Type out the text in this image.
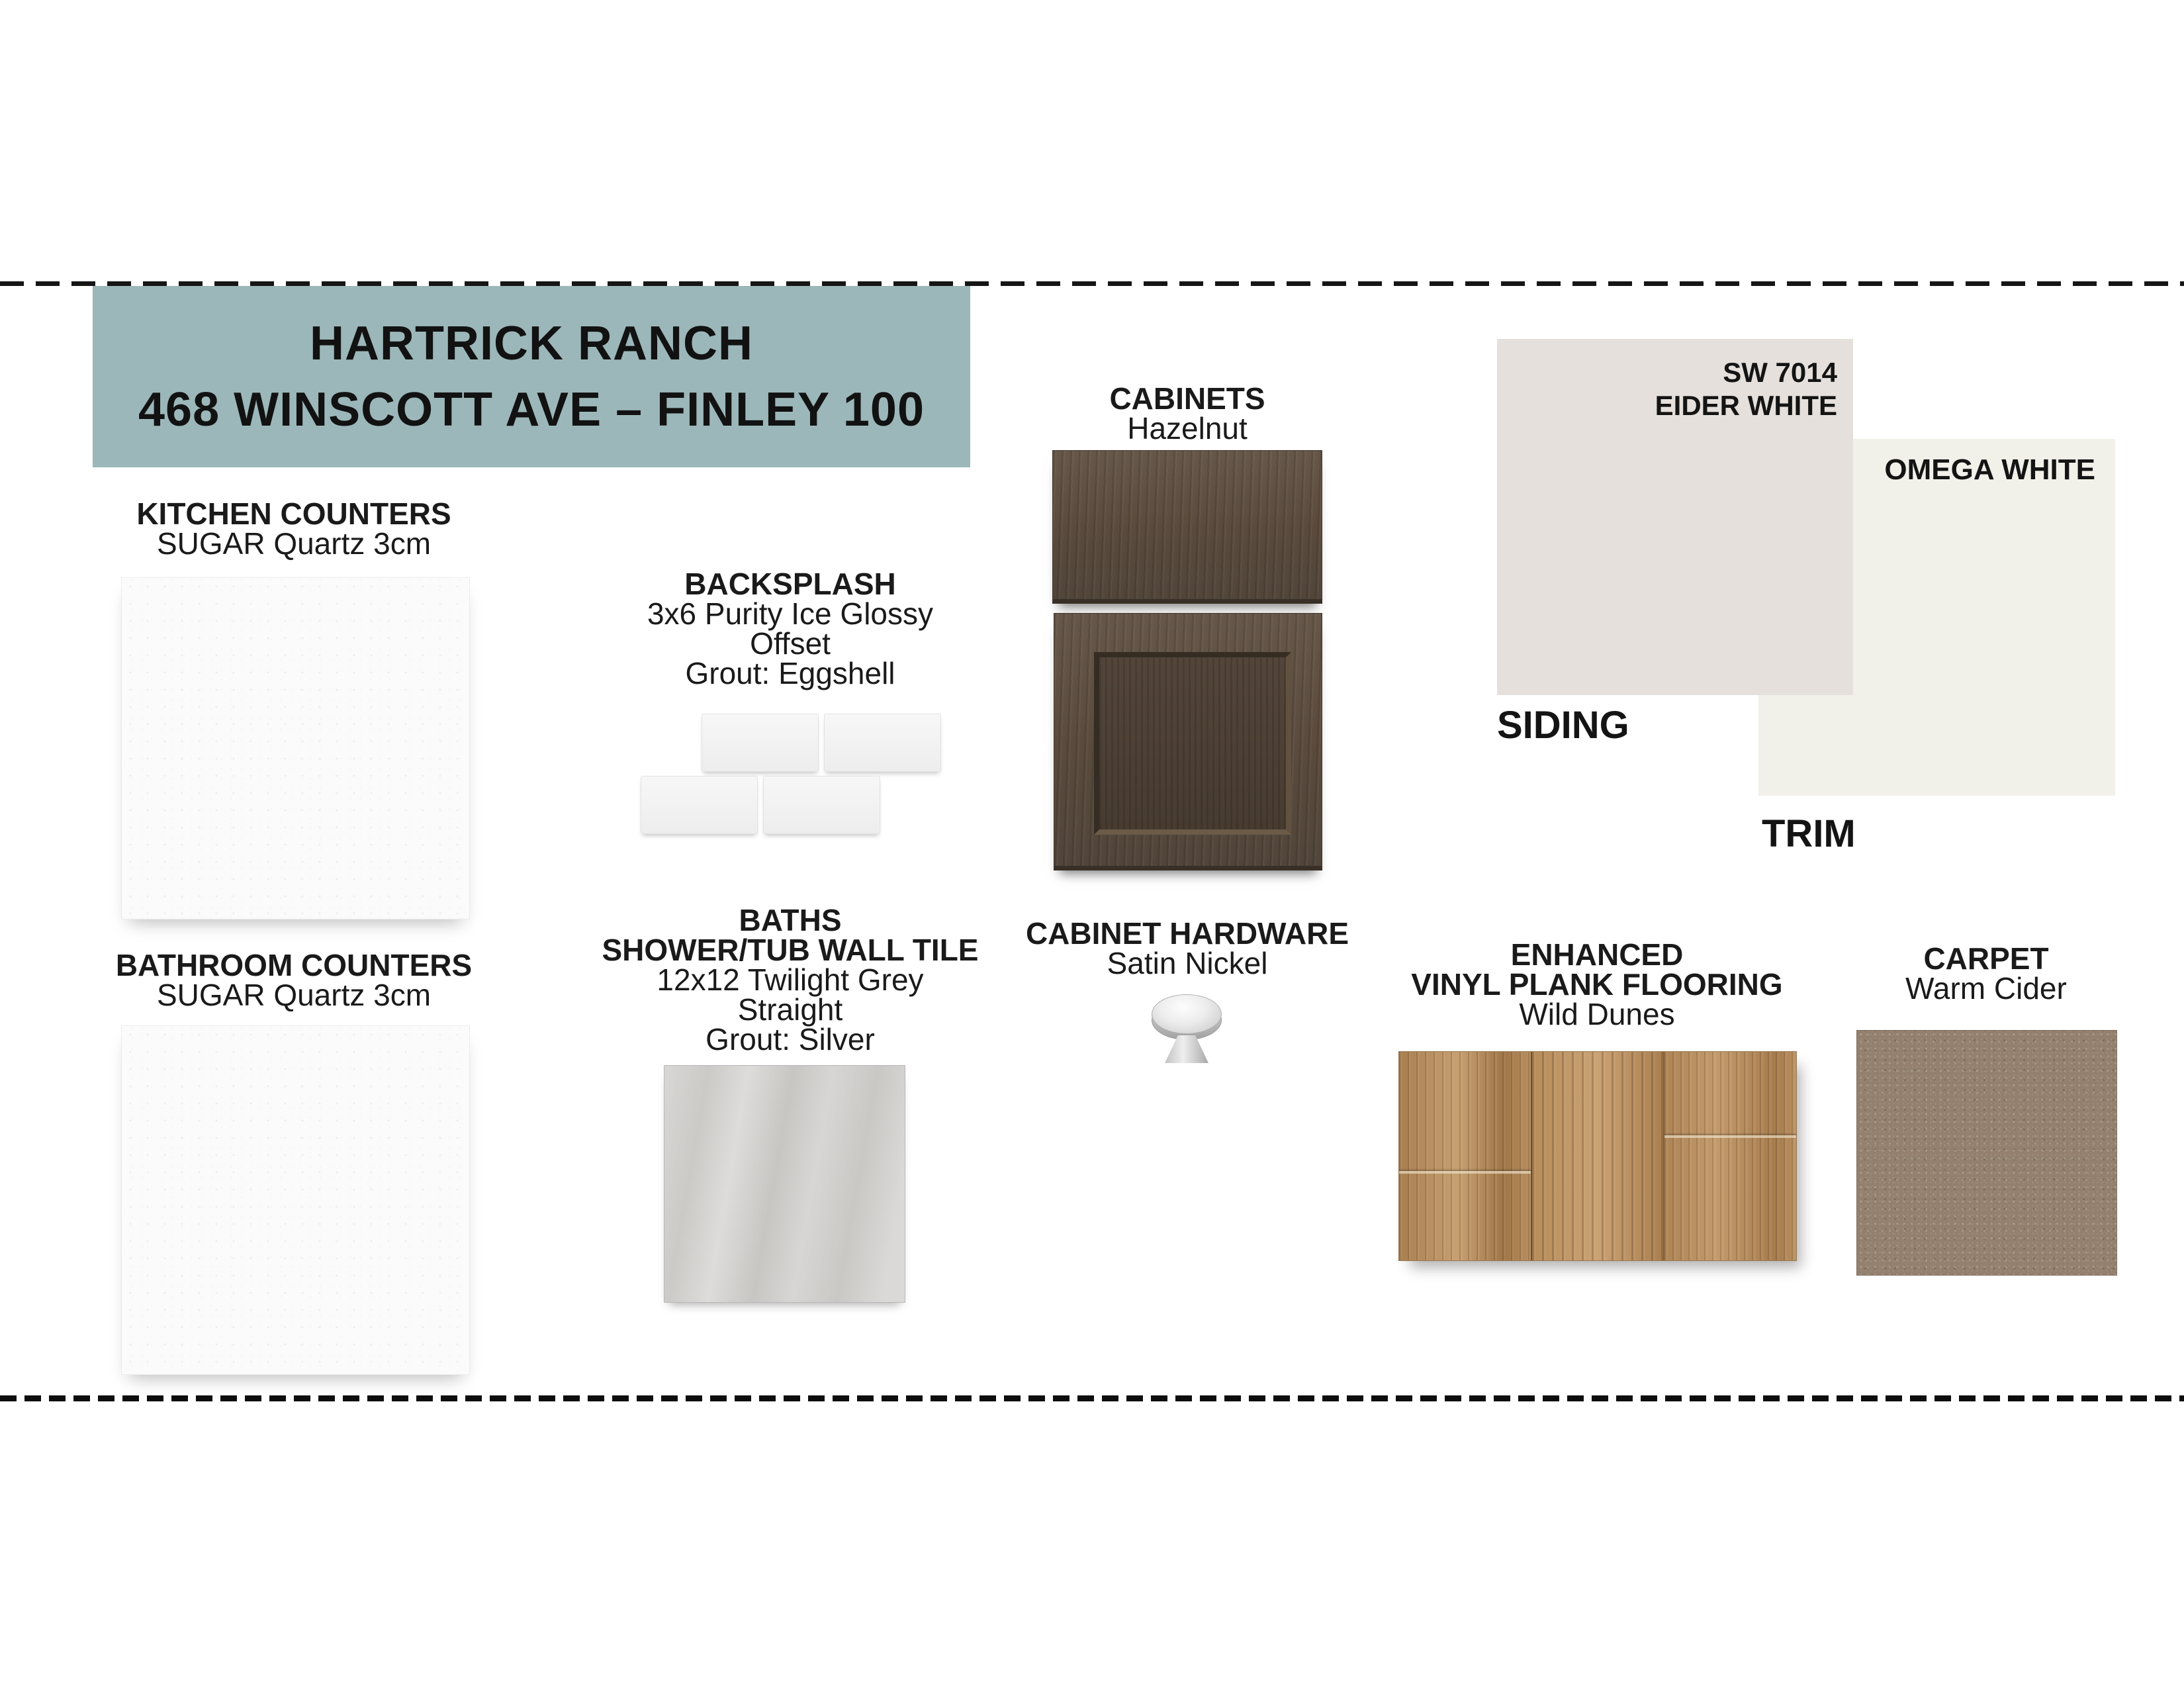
HARTRICK RANCH
468 WINSCOTT AVE – FINLEY 100
KITCHEN COUNTERS
SUGAR Quartz 3cm
BATHROOM COUNTERS
SUGAR Quartz 3cm
BACKSPLASH
3x6 Purity Ice Glossy
Offset
Grout: Eggshell
BATHS
SHOWER/TUB WALL TILE
12x12 Twilight Grey
Straight
Grout: Silver
CABINETS
Hazelnut
CABINET HARDWARE
Satin Nickel
SW 7014
EIDER WHITE
SIDING
OMEGA WHITE
TRIM
ENHANCED
VINYL PLANK FLOORING
Wild Dunes
CARPET
Warm Cider
